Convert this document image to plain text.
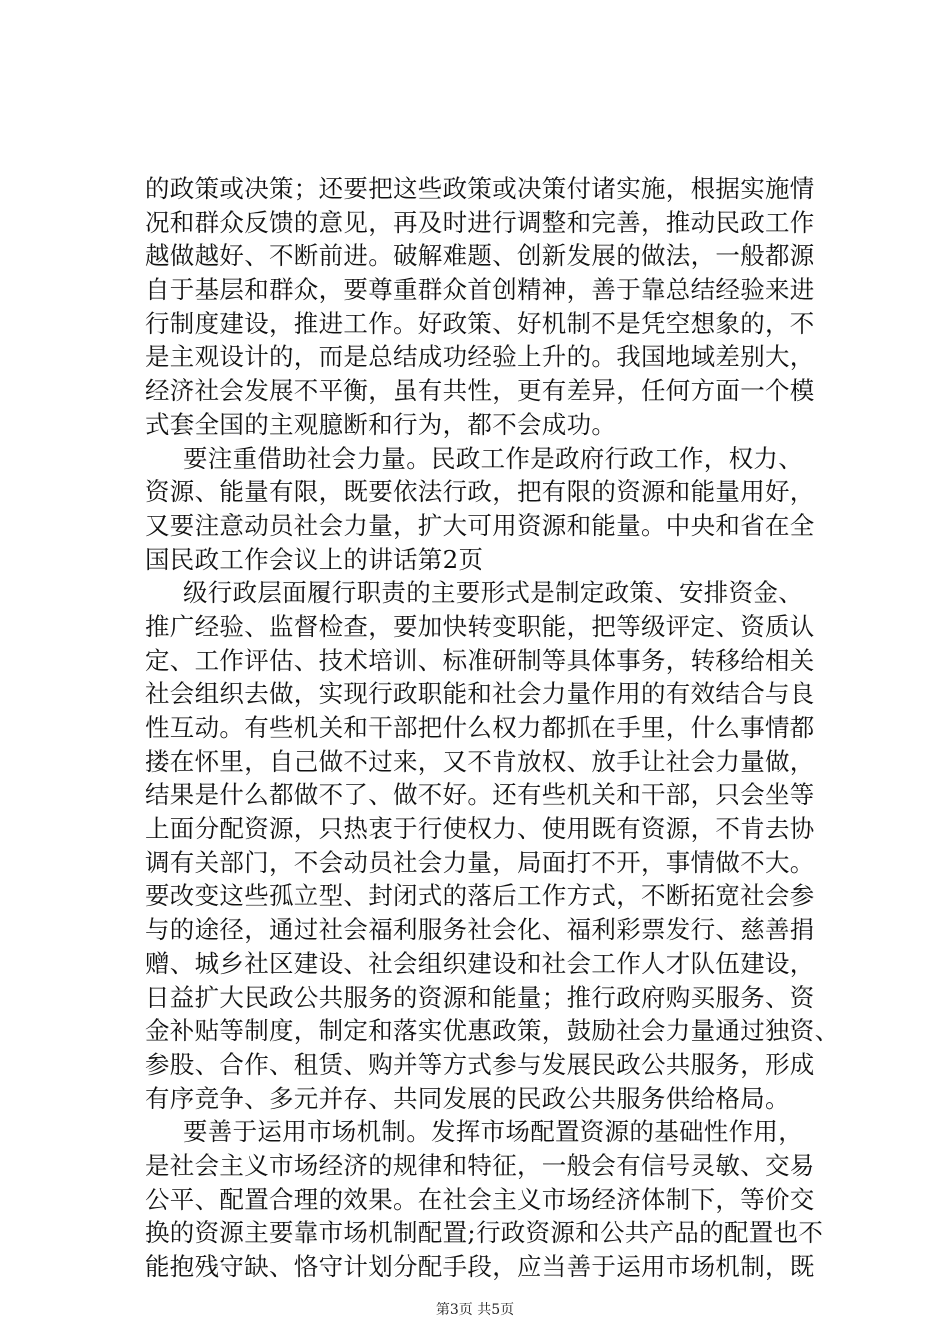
的政策或决策；还要把这些政策或决策付诸实施，根据实施情
况和群众反馈的意见，再及时进行调整和完善，推动民政工作
越做越好、不断前进。破解难题、创新发展的做法，一般都源
自于基层和群众，要尊重群众首创精神，善于靠总结经验来进
行制度建设，推进工作。好政策、好机制不是凭空想象的，不
是主观设计的，而是总结成功经验上升的。我国地域差别大，
经济社会发展不平衡，虽有共性，更有差异，任何方面一个模
式套全国的主观臆断和行为，都不会成功。
要注重借助社会力量。民政工作是政府行政工作，权力、
资源、能量有限，既要依法行政，把有限的资源和能量用好，
又要注意动员社会力量，扩大可用资源和能量。中央和省在全
国民政工作会议上的讲话第2页
级行政层面履行职责的主要形式是制定政策、安排资金、
推广经验、监督检查，要加快转变职能，把等级评定、资质认
定、工作评估、技术培训、标准研制等具体事务，转移给相关
社会组织去做，实现行政职能和社会力量作用的有效结合与良
性互动。有些机关和干部把什么权力都抓在手里，什么事情都
搂在怀里，自己做不过来，又不肯放权、放手让社会力量做，
结果是什么都做不了、做不好。还有些机关和干部，只会坐等
上面分配资源，只热衷于行使权力、使用既有资源，不肯去协
调有关部门，不会动员社会力量，局面打不开，事情做不大。
要改变这些孤立型、封闭式的落后工作方式，不断拓宽社会参
与的途径，通过社会福利服务社会化、福利彩票发行、慈善捐
赠、城乡社区建设、社会组织建设和社会工作人才队伍建设，
日益扩大民政公共服务的资源和能量；推行政府购买服务、资
金补贴等制度，制定和落实优惠政策，鼓励社会力量通过独资、
参股、合作、租赁、购并等方式参与发展民政公共服务，形成
有序竞争、多元并存、共同发展的民政公共服务供给格局。
要善于运用市场机制。发挥市场配置资源的基础性作用，
是社会主义市场经济的规律和特征，一般会有信号灵敏、交易
公平、配置合理的效果。在社会主义市场经济体制下，等价交
换的资源主要靠市场机制配置;行政资源和公共产品的配置也不
能抱残守缺、恪守计划分配手段，应当善于运用市场机制，既
第3页 共5页
